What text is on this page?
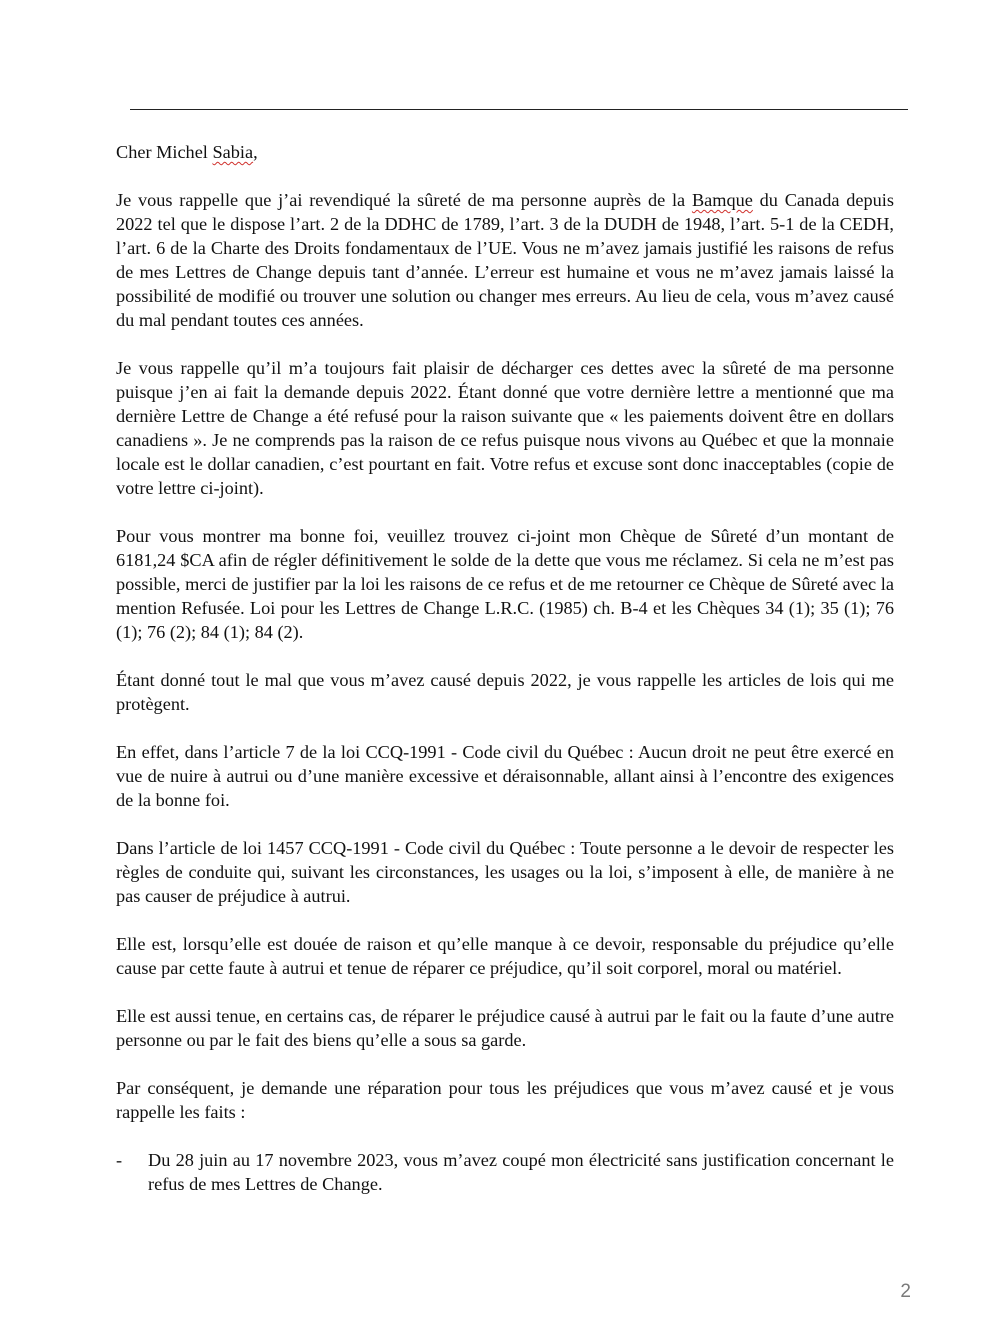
Cher Michel Sabia,

Je vous rappelle que j’ai revendiqué la sûreté de ma personne auprès de la Bamque du Canada depuis 2022 tel que le dispose l’art. 2 de la DDHC de 1789, l’art. 3 de la DUDH de 1948, l’art. 5-1 de la CEDH, l’art. 6 de la Charte des Droits fondamentaux de l’UE. Vous ne m’avez jamais justifié les raisons de refus de mes Lettres de Change depuis tant d’année. L’erreur est humaine et vous ne m’avez jamais laissé la possibilité de modifié ou trouver une solution ou changer mes erreurs. Au lieu de cela, vous m’avez causé du mal pendant toutes ces années.

Je vous rappelle qu’il m’a toujours fait plaisir de décharger ces dettes avec la sûreté de ma personne puisque j’en ai fait la demande depuis 2022. Étant donné que votre dernière lettre a mentionné que ma dernière Lettre de Change a été refusé pour la raison suivante que « les paiements doivent être en dollars canadiens ». Je ne comprends pas la raison de ce refus puisque nous vivons au Québec et que la monnaie locale est le dollar canadien, c’est pourtant en fait. Votre refus et excuse sont donc inacceptables (copie de votre lettre ci-joint).

Pour vous montrer ma bonne foi, veuillez trouvez ci-joint mon Chèque de Sûreté d’un montant de 6181,24 $CA afin de régler définitivement le solde de la dette que vous me réclamez. Si cela ne m’est pas possible, merci de justifier par la loi les raisons de ce refus et de me retourner ce Chèque de Sûreté avec la mention Refusée. Loi pour les Lettres de Change L.R.C. (1985) ch. B-4 et les Chèques 34 (1); 35 (1); 76 (1); 76 (2); 84 (1); 84 (2).

Étant donné tout le mal que vous m’avez causé depuis 2022, je vous rappelle les articles de lois qui me protègent.

En effet, dans l’article 7 de la loi CCQ-1991 - Code civil du Québec : Aucun droit ne peut être exercé en vue de nuire à autrui ou d’une manière excessive et déraisonnable, allant ainsi à l’encontre des exigences de la bonne foi.

Dans l’article de loi 1457 CCQ-1991 - Code civil du Québec : Toute personne a le devoir de respecter les règles de conduite qui, suivant les circonstances, les usages ou la loi, s’imposent à elle, de manière à ne pas causer de préjudice à autrui.

Elle est, lorsqu’elle est douée de raison et qu’elle manque à ce devoir, responsable du préjudice qu’elle cause par cette faute à autrui et tenue de réparer ce préjudice, qu’il soit corporel, moral ou matériel.

Elle est aussi tenue, en certains cas, de réparer le préjudice causé à autrui par le fait ou la faute d’une autre personne ou par le fait des biens qu’elle a sous sa garde.

Par conséquent, je demande une réparation pour tous les préjudices que vous m’avez causé et je vous rappelle les faits :

-	Du 28 juin au 17 novembre 2023, vous m’avez coupé mon électricité sans justification concernant le refus de mes Lettres de Change.
2
